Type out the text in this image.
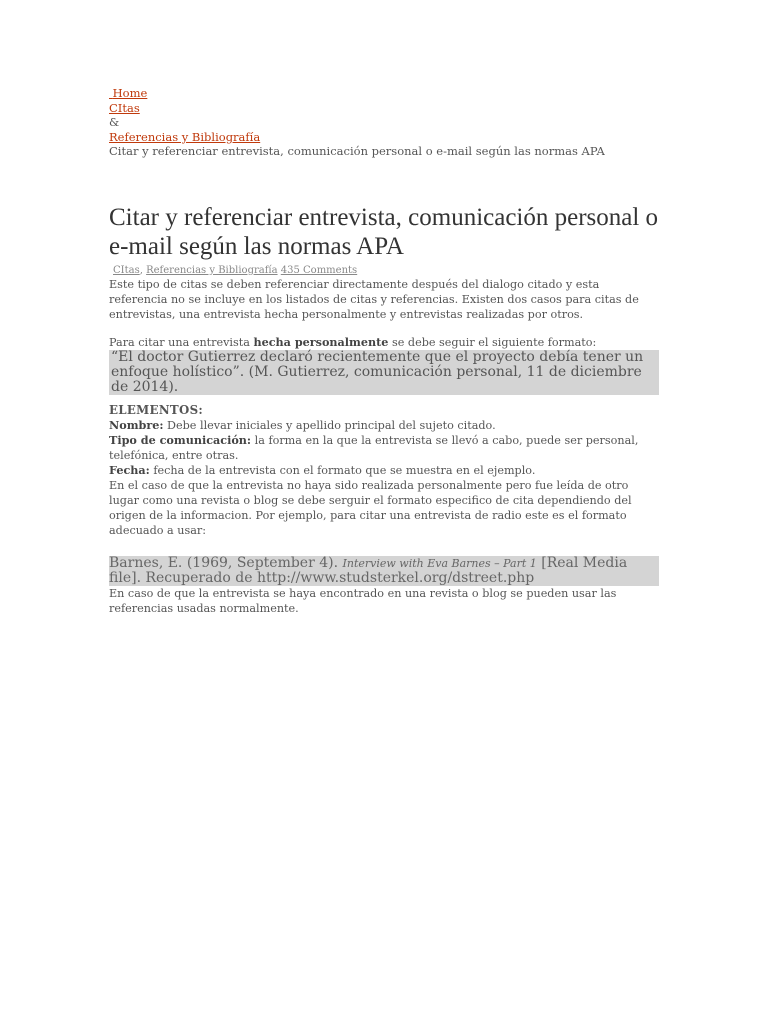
Home
CItas
&
Referencias y Bibliografía
Citar y referenciar entrevista, comunicación personal o e-mail según las normas APA
Citar y referenciar entrevista, comunicación personal o e-mail según las normas APA
CItas, Referencias y Bibliografía 435 Comments

Este tipo de citas se deben referenciar directamente después del dialogo citado y esta referencia no se incluye en los listados de citas y referencias. Existen dos casos para citas de entrevistas, una entrevista hecha personalmente y entrevistas realizadas por otros.

Para citar una entrevista hecha personalmente se debe seguir el siguiente formato:

“El doctor Gutierrez declaró recientemente que el proyecto debía tener un enfoque holístico”. (M. Gutierrez, comunicación personal, 11 de diciembre de 2014).

ELEMENTOS:

Nombre: Debe llevar iniciales y apellido principal del sujeto citado.

Tipo de comunicación: la forma en la que la entrevista se llevó a cabo, puede ser personal, telefónica, entre otras.

Fecha: fecha de la entrevista con el formato que se muestra en el ejemplo.

En el caso de que la entrevista no haya sido realizada personalmente pero fue leída de otro lugar como una revista o blog se debe serguir el formato especifico de cita dependiendo del origen de la informacion. Por ejemplo, para citar una entrevista de radio este es el formato adecuado a usar:

Barnes, E. (1969, September 4). Interview with Eva Barnes – Part 1 [Real Media file]. Recuperado de http://www.studsterkel.org/dstreet.php

En caso de que la entrevista se haya encontrado en una revista o blog se pueden usar las referencias usadas normalmente.
